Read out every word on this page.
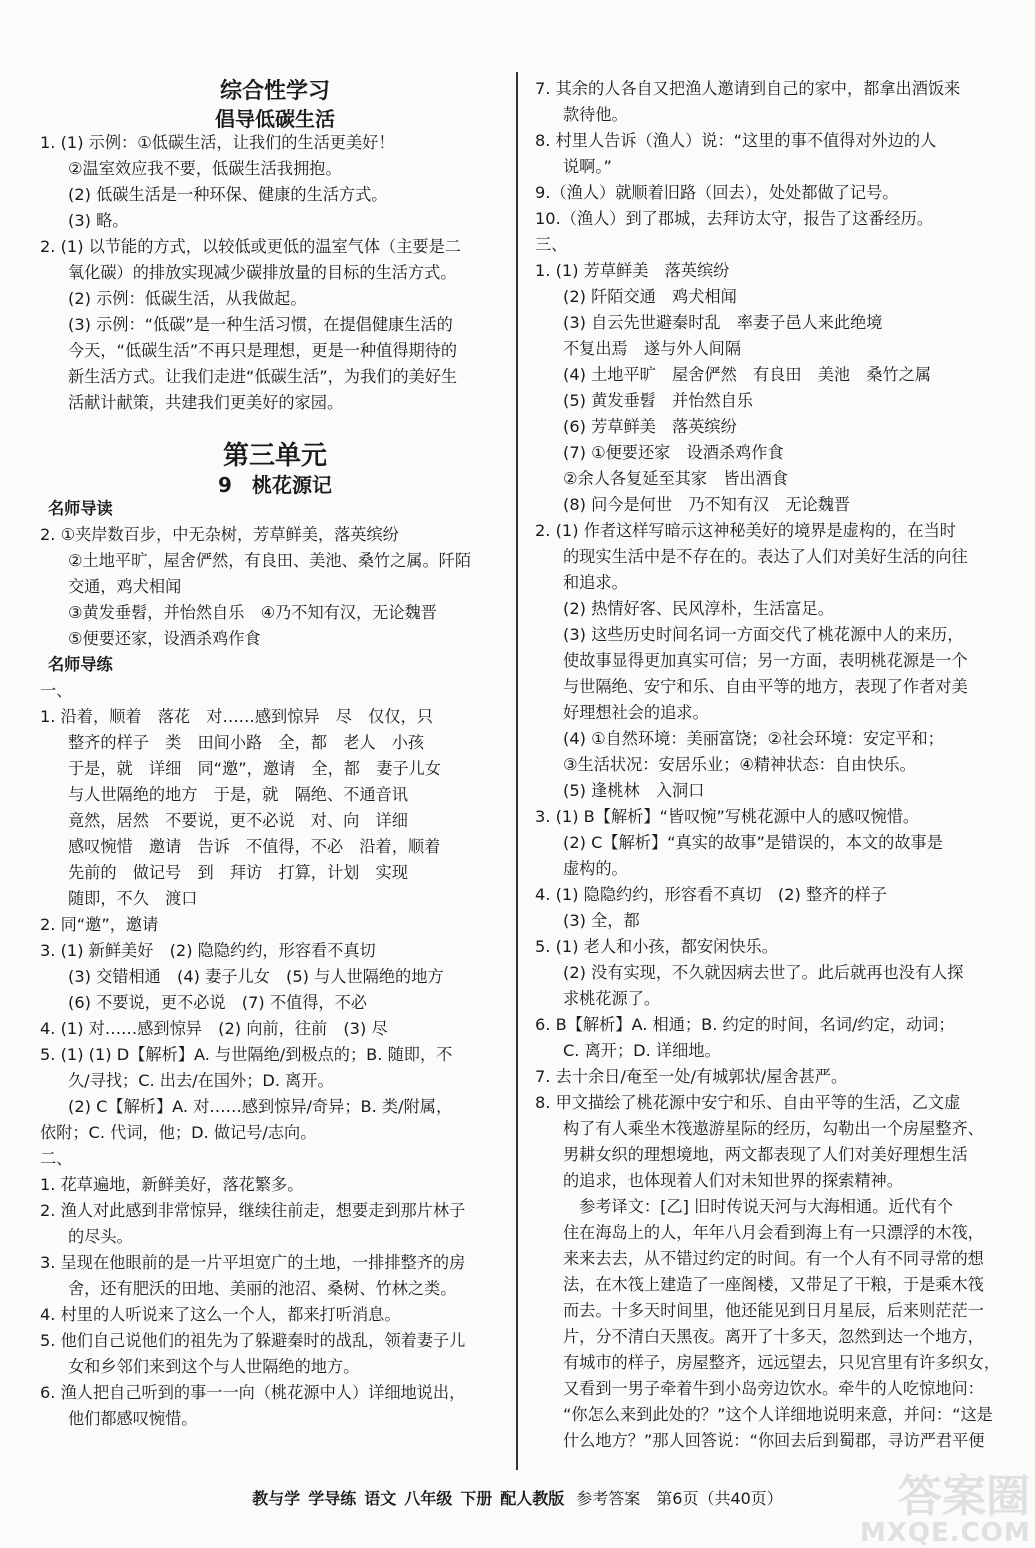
综合性学习
倡导低碳生活
1. (1) 示例：①低碳生活，让我们的生活更美好！
②温室效应我不要，低碳生活我拥抱。
(2) 低碳生活是一种环保、健康的生活方式。
(3) 略。
2. (1) 以节能的方式，以较低或更低的温室气体（主要是二
氧化碳）的排放实现减少碳排放量的目标的生活方式。
(2) 示例：低碳生活，从我做起。
(3) 示例：“低碳”是一种生活习惯，在提倡健康生活的
今天，“低碳生活”不再只是理想，更是一种值得期待的
新生活方式。让我们走进“低碳生活”，为我们的美好生
活献计献策，共建我们更美好的家园。
第三单元
9　桃花源记
名师导读
2. ①夹岸数百步，中无杂树，芳草鲜美，落英缤纷
②土地平旷，屋舍俨然，有良田、美池、桑竹之属。阡陌
交通，鸡犬相闻
③黄发垂髫，并怡然自乐　④乃不知有汉，无论魏晋
⑤便要还家，设酒杀鸡作食
名师导练
一、
1. 沿着，顺着　落花　对……感到惊异　尽　仅仅，只
整齐的样子　类　田间小路　全，都　老人　小孩
于是，就　详细　同“邀”，邀请　全，都　妻子儿女
与人世隔绝的地方　于是，就　隔绝、不通音讯
竟然，居然　不要说，更不必说　对、向　详细
感叹惋惜　邀请　告诉　不值得，不必　沿着，顺着
先前的　做记号　到　拜访　打算，计划　实现
随即，不久　渡口
2. 同“邀”，邀请
3. (1) 新鲜美好　(2) 隐隐约约，形容看不真切
(3) 交错相通　(4) 妻子儿女　(5) 与人世隔绝的地方
(6) 不要说，更不必说　(7) 不值得，不必
4. (1) 对……感到惊异　(2) 向前，往前　(3) 尽
5. (1) (1) D【解析】A. 与世隔绝/到极点的；B. 随即，不
久/寻找；C. 出去/在国外；D. 离开。
(2) C【解析】A. 对……感到惊异/奇异；B. 类/附属，
依附；C. 代词，他；D. 做记号/志向。
二、
1. 花草遍地，新鲜美好，落花繁多。
2. 渔人对此感到非常惊异，继续往前走，想要走到那片林子
的尽头。
3. 呈现在他眼前的是一片平坦宽广的土地，一排排整齐的房
舍，还有肥沃的田地、美丽的池沼、桑树、竹林之类。
4. 村里的人听说来了这么一个人，都来打听消息。
5. 他们自己说他们的祖先为了躲避秦时的战乱，领着妻子儿
女和乡邻们来到这个与人世隔绝的地方。
6. 渔人把自己听到的事一一向（桃花源中人）详细地说出，
他们都感叹惋惜。
7. 其余的人各自又把渔人邀请到自己的家中，都拿出酒饭来
款待他。
8. 村里人告诉（渔人）说：“这里的事不值得对外边的人
说啊。”
9.（渔人）就顺着旧路（回去），处处都做了记号。
10.（渔人）到了郡城，去拜访太守，报告了这番经历。
三、
1. (1) 芳草鲜美　落英缤纷
(2) 阡陌交通　鸡犬相闻
(3) 自云先世避秦时乱　率妻子邑人来此绝境
不复出焉　遂与外人间隔
(4) 土地平旷　屋舍俨然　有良田　美池　桑竹之属
(5) 黄发垂髫　并怡然自乐
(6) 芳草鲜美　落英缤纷
(7) ①便要还家　设酒杀鸡作食
②余人各复延至其家　皆出酒食
(8) 问今是何世　乃不知有汉　无论魏晋
2. (1) 作者这样写暗示这神秘美好的境界是虚构的，在当时
的现实生活中是不存在的。表达了人们对美好生活的向往
和追求。
(2) 热情好客、民风淳朴，生活富足。
(3) 这些历史时间名词一方面交代了桃花源中人的来历，
使故事显得更加真实可信；另一方面，表明桃花源是一个
与世隔绝、安宁和乐、自由平等的地方，表现了作者对美
好理想社会的追求。
(4) ①自然环境：美丽富饶；②社会环境：安定平和；
③生活状况：安居乐业；④精神状态：自由快乐。
(5) 逢桃林　入洞口
3. (1) B【解析】“皆叹惋”写桃花源中人的感叹惋惜。
(2) C【解析】“真实的故事”是错误的，本文的故事是
虚构的。
4. (1) 隐隐约约，形容看不真切　(2) 整齐的样子
(3) 全，都
5. (1) 老人和小孩，都安闲快乐。
(2) 没有实现，不久就因病去世了。此后就再也没有人探
求桃花源了。
6. B【解析】A. 相通；B. 约定的时间，名词/约定，动词；
C. 离开；D. 详细地。
7. 去十余日/奄至一处/有城郭状/屋舍甚严。
8. 甲文描绘了桃花源中安宁和乐、自由平等的生活，乙文虚
构了有人乘坐木筏遨游星际的经历，勾勒出一个房屋整齐、
男耕女织的理想境地，两文都表现了人们对美好理想生活
的追求，也体现着人们对未知世界的探索精神。
　参考译文：[乙] 旧时传说天河与大海相通。近代有个
住在海岛上的人，年年八月会看到海上有一只漂浮的木筏，
来来去去，从不错过约定的时间。有一个人有不同寻常的想
法，在木筏上建造了一座阁楼，又带足了干粮，于是乘木筏
而去。十多天时间里，他还能见到日月星辰，后来则茫茫一
片，分不清白天黑夜。离开了十多天，忽然到达一个地方，
有城市的样子，房屋整齐，远远望去，只见宫里有许多织女，
又看到一男子牵着牛到小岛旁边饮水。牵牛的人吃惊地问：
“你怎么来到此处的？”这个人详细地说明来意，并问：“这是
什么地方？”那人回答说：“你回去后到蜀郡，寻访严君平便
教与学 学导练 语文 八年级 下册 配人教版 参考答案　第6页（共40页）	答案圈
MXQE.COM
